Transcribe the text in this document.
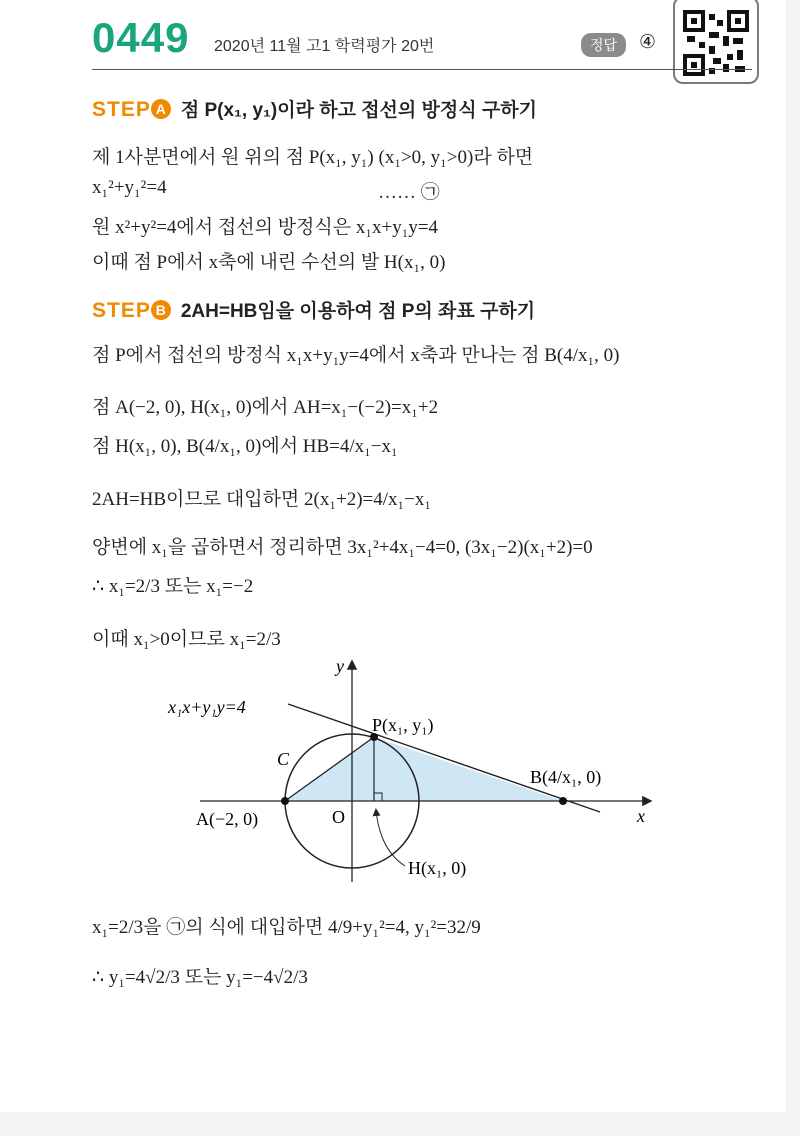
0449 2020년 11월 고1 학력평가 20번	정답	④
STEP A 점 P(x₁, y₁)이라 하고 접선의 방정식 구하기
제 1사분면에서 원 위의 점 P(x₁, y₁) (x₁>0, y₁>0)라 하면
x₁²+y₁²=4	…… ㉠
원 x²+y²=4에서 접선의 방정식은 x₁x+y₁y=4
이때 점 P에서 x축에 내린 수선의 발 H(x₁, 0)
STEP B 2AH=HB임을 이용하여 점 P의 좌표 구하기
점 P에서 접선의 방정식 x₁x+y₁y=4에서 x축과 만나는 점 B(4/x₁, 0)
점 A(−2, 0), H(x₁, 0)에서 AH=x₁−(−2)=x₁+2
점 H(x₁, 0), B(4/x₁, 0)에서 HB=4/x₁−x₁
2AH=HB이므로 대입하면 2(x₁+2)=4/x₁−x₁
양변에 x₁을 곱하면서 정리하면 3x₁²+4x₁−4=0, (3x₁−2)(x₁+2)=0
∴ x₁=2/3 또는 x₁=−2
이때 x₁>0이므로 x₁=2/3
x₁x+y₁y=4
P(x₁, y₁)
C
B(4/x₁, 0)
A(−2, 0)	O	x
y
H(x₁, 0)
x₁=2/3을 ㉠의 식에 대입하면 4/9+y₁²=4, y₁²=32/9
∴ y₁=4√2/3 또는 y₁=−4√2/3
